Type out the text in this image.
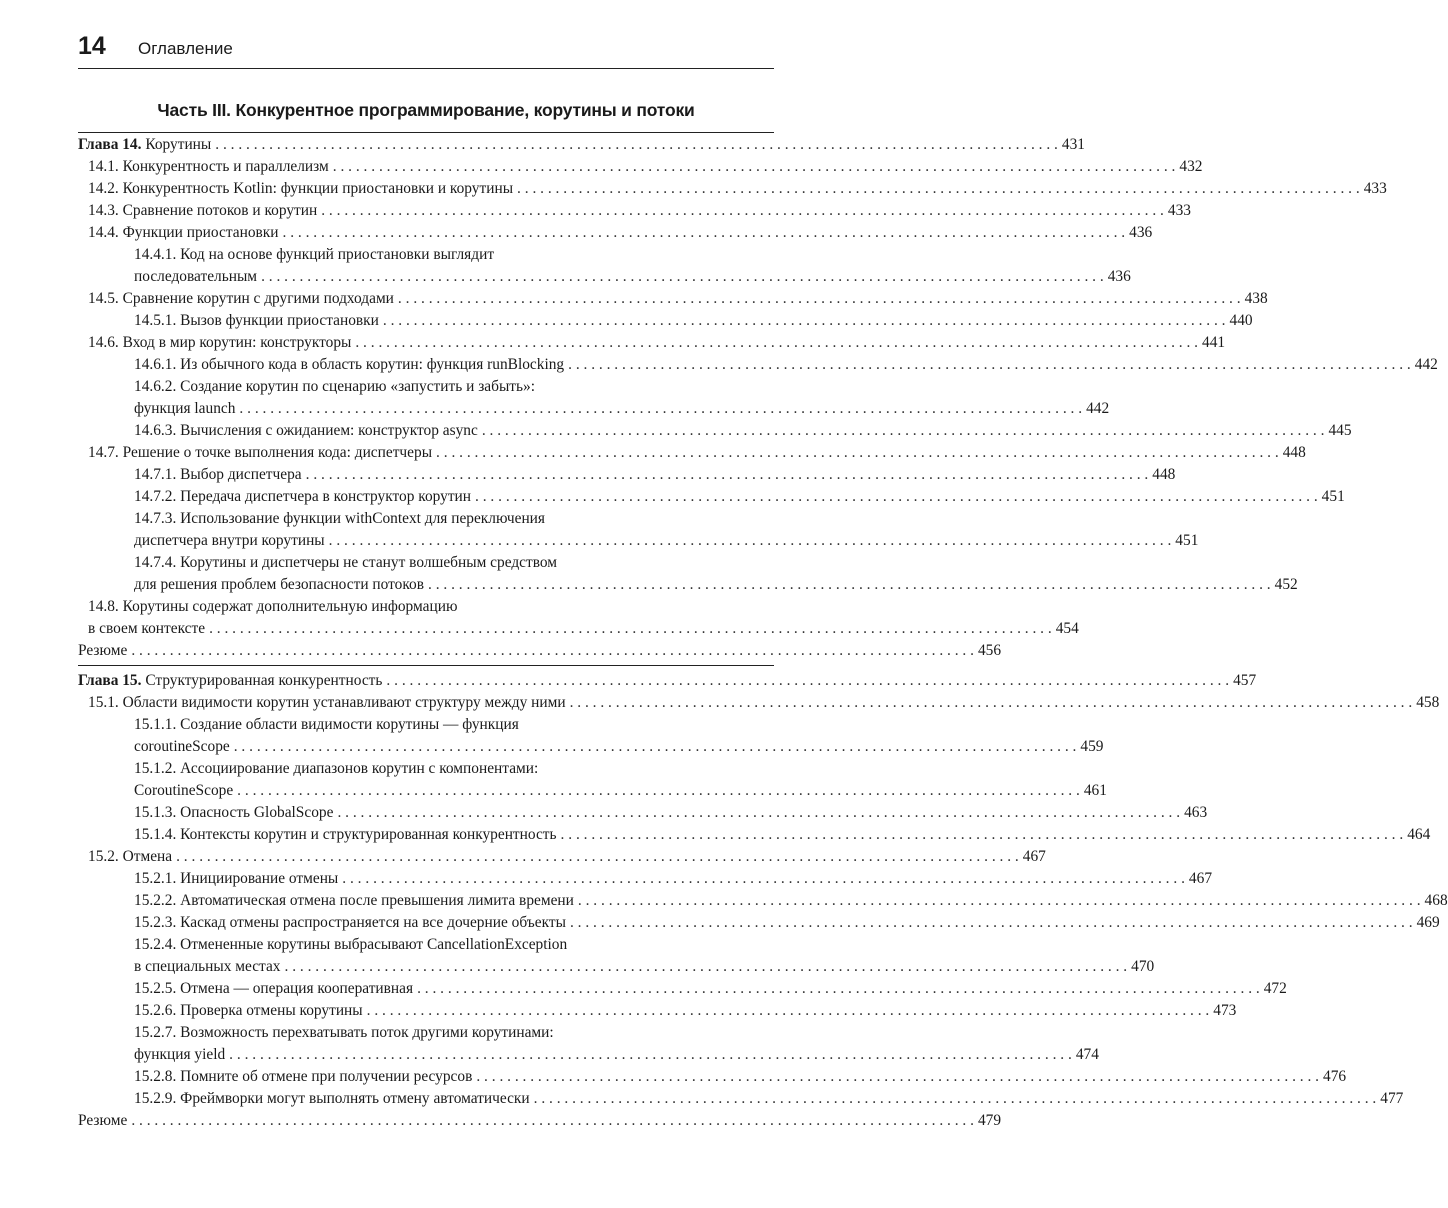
14 Оглавление
Часть III. Конкурентное программирование, корутины и потоки
Глава 14. Корутины . . .	431
14.1. Конкурентность и параллелизм . . .	432
14.2. Конкурентность Kotlin: функции приостановки и корутины . . .	433
14.3. Сравнение потоков и корутин . . .	433
14.4. Функции приостановки . . .	436
14.4.1. Код на основе функций приостановки выглядит
последовательным . . .	436
14.5. Сравнение корутин с другими подходами . . .	438
14.5.1. Вызов функции приостановки . . .	440
14.6. Вход в мир корутин: конструкторы . . .	441
14.6.1. Из обычного кода в область корутин: функция runBlocking . . .	442
14.6.2. Создание корутин по сценарию «запустить и забыть»:
функция launch . . .	442
14.6.3. Вычисления с ожиданием: конструктор async . . .	445
14.7. Решение о точке выполнения кода: диспетчеры . . .	448
14.7.1. Выбор диспетчера . . .	448
14.7.2. Передача диспетчера в конструктор корутин . . .	451
14.7.3. Использование функции withContext для переключения
диспетчера внутри корутины . . .	451
14.7.4. Корутины и диспетчеры не станут волшебным средством
для решения проблем безопасности потоков . . .	452
14.8. Корутины содержат дополнительную информацию
в своем контексте . . .	454
Резюме . . .	456
Глава 15. Структурированная конкурентность . . .	457
15.1. Области видимости корутин устанавливают структуру между ними . . .	458
15.1.1. Создание области видимости корутины — функция
coroutineScope . . .	459
15.1.2. Ассоциирование диапазонов корутин с компонентами:
CoroutineScope . . .	461
15.1.3. Опасность GlobalScope . . .	463
15.1.4. Контексты корутин и структурированная конкурентность . . .	464
15.2. Отмена . . .	467
15.2.1. Инициирование отмены . . .	467
15.2.2. Автоматическая отмена после превышения лимита времени . . .	468
15.2.3. Каскад отмены распространяется на все дочерние объекты . . .	469
15.2.4. Отмененные корутины выбрасывают CancellationException
в специальных местах . . .	470
15.2.5. Отмена — операция кооперативная . . .	472
15.2.6. Проверка отмены корутины . . .	473
15.2.7. Возможность перехватывать поток другими корутинами:
функция yield . . .	474
15.2.8. Помните об отмене при получении ресурсов . . .	476
15.2.9. Фреймворки могут выполнять отмену автоматически . . .	477
Резюме . . .	479
